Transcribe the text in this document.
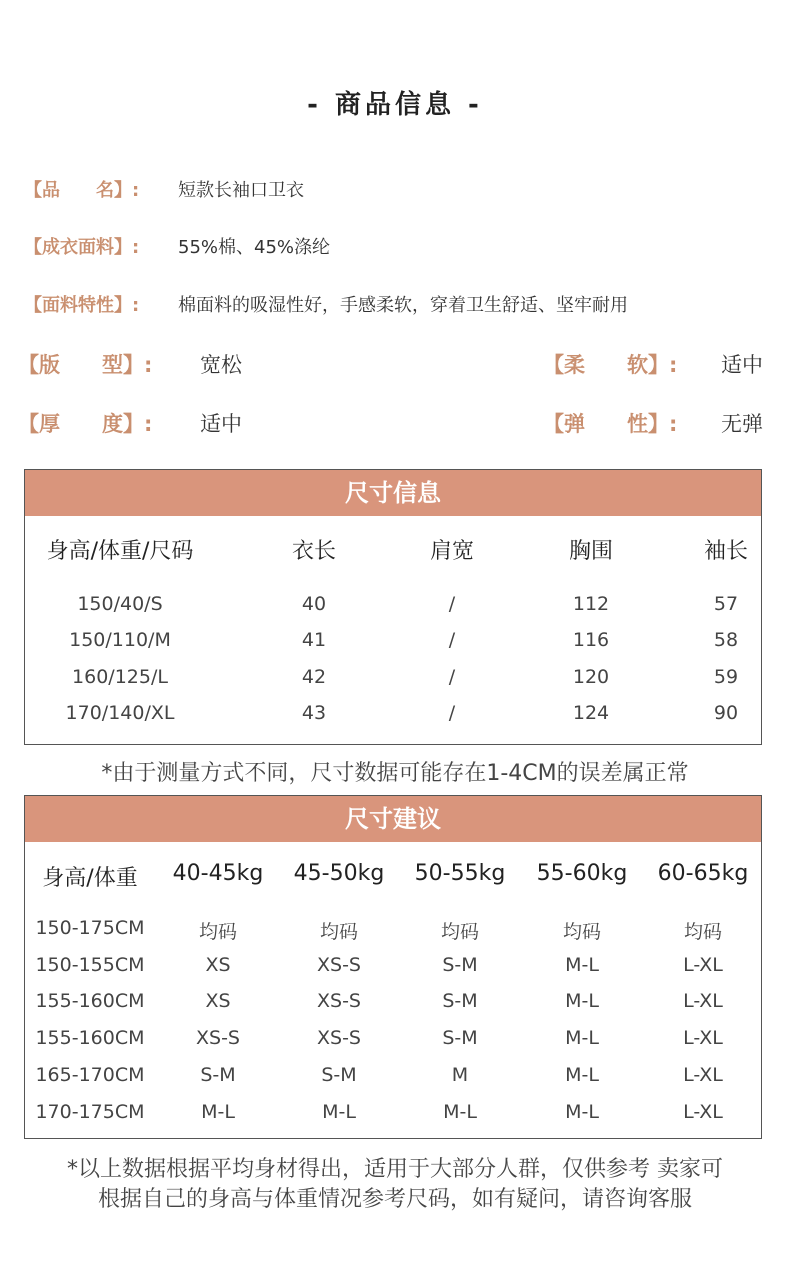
- 商品信息 -
【品　　名】: 短款长袖口卫衣
【成衣面料】: 55%棉、45%涤纶
【面料特性】: 棉面料的吸湿性好，手感柔软，穿着卫生舒适、坚牢耐用
【版　　型】: 宽松	【柔　　软】: 适中
【厚　　度】: 适中	【弹　　性】: 无弹
尺寸信息
身高/体重/尺码	衣长	肩宽	胸围	袖长
150/40/S	40	/	112	57
150/110/M	41	/	116	58
160/125/L	42	/	120	59
170/140/XL	43	/	124	90
*由于测量方式不同，尺寸数据可能存在1-4CM的误差属正常
尺寸建议
身高/体重	40-45kg	45-50kg	50-55kg	55-60kg	60-65kg
150-175CM	均码	均码	均码	均码	均码
150-155CM	XS	XS-S	S-M	M-L	L-XL
155-160CM	XS	XS-S	S-M	M-L	L-XL
155-160CM	XS-S	XS-S	S-M	M-L	L-XL
165-170CM	S-M	S-M	M	M-L	L-XL
170-175CM	M-L	M-L	M-L	M-L	L-XL
*以上数据根据平均身材得出，适用于大部分人群，仅供参考 卖家可
根据自己的身高与体重情况参考尺码，如有疑问，请咨询客服
